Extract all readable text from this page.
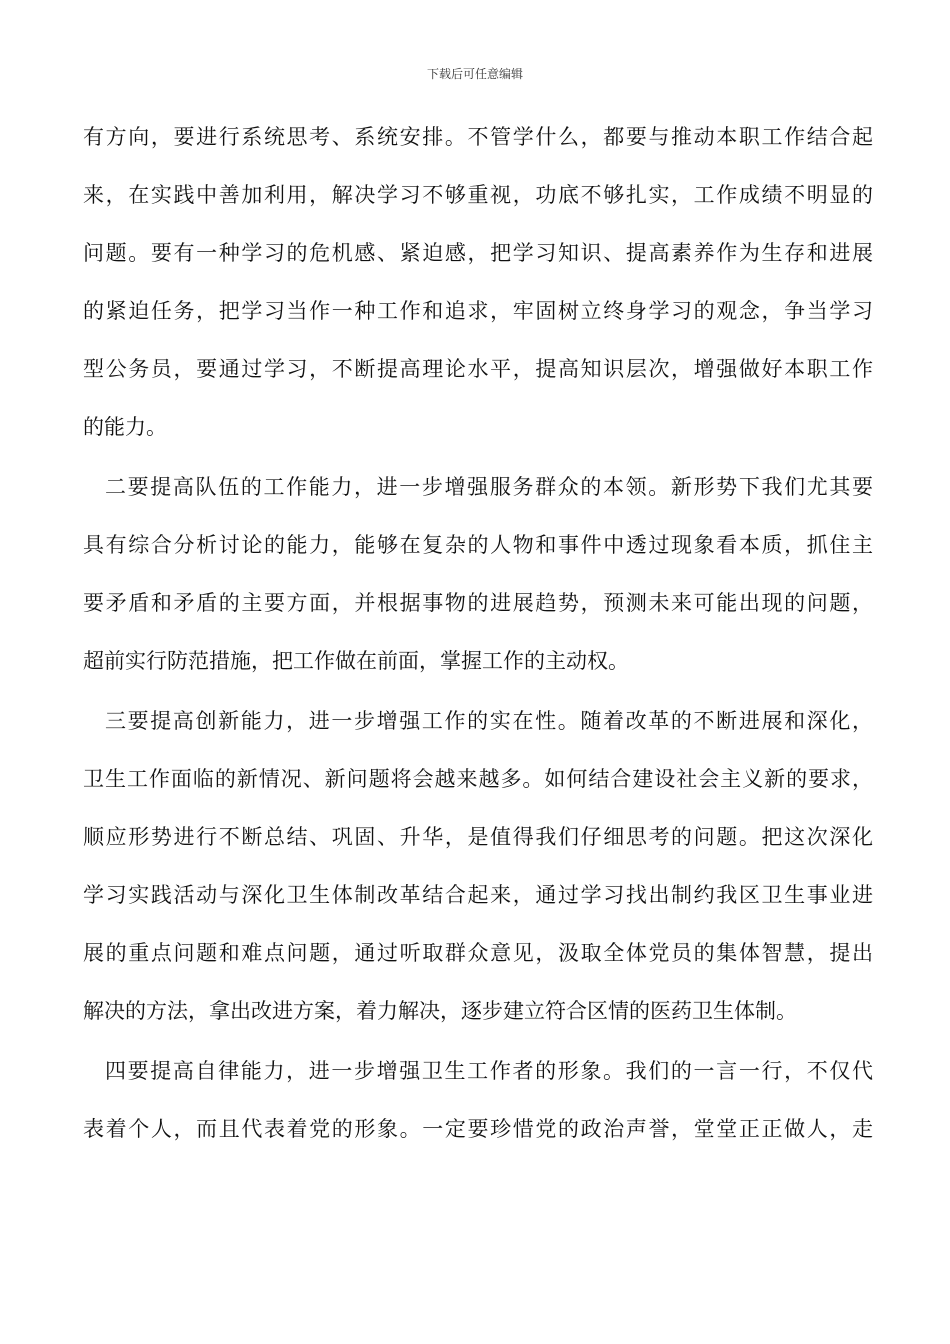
下载后可任意编辑
有方向，要进行系统思考、系统安排。不管学什么，都要与推动本职工作结合起
来，在实践中善加利用，解决学习不够重视，功底不够扎实，工作成绩不明显的
问题。要有一种学习的危机感、紧迫感，把学习知识、提高素养作为生存和进展
的紧迫任务，把学习当作一种工作和追求，牢固树立终身学习的观念，争当学习
型公务员，要通过学习，不断提高理论水平，提高知识层次，增强做好本职工作
的能力。
二要提高队伍的工作能力，进一步增强服务群众的本领。新形势下我们尤其要
具有综合分析讨论的能力，能够在复杂的人物和事件中透过现象看本质，抓住主
要矛盾和矛盾的主要方面，并根据事物的进展趋势，预测未来可能出现的问题，
超前实行防范措施，把工作做在前面，掌握工作的主动权。
三要提高创新能力，进一步增强工作的实在性。随着改革的不断进展和深化，
卫生工作面临的新情况、新问题将会越来越多。如何结合建设社会主义新的要求，
顺应形势进行不断总结、巩固、升华，是值得我们仔细思考的问题。把这次深化
学习实践活动与深化卫生体制改革结合起来，通过学习找出制约我区卫生事业进
展的重点问题和难点问题，通过听取群众意见，汲取全体党员的集体智慧，提出
解决的方法，拿出改进方案，着力解决，逐步建立符合区情的医药卫生体制。
四要提高自律能力，进一步增强卫生工作者的形象。我们的一言一行，不仅代
表着个人，而且代表着党的形象。一定要珍惜党的政治声誉，堂堂正正做人，走
